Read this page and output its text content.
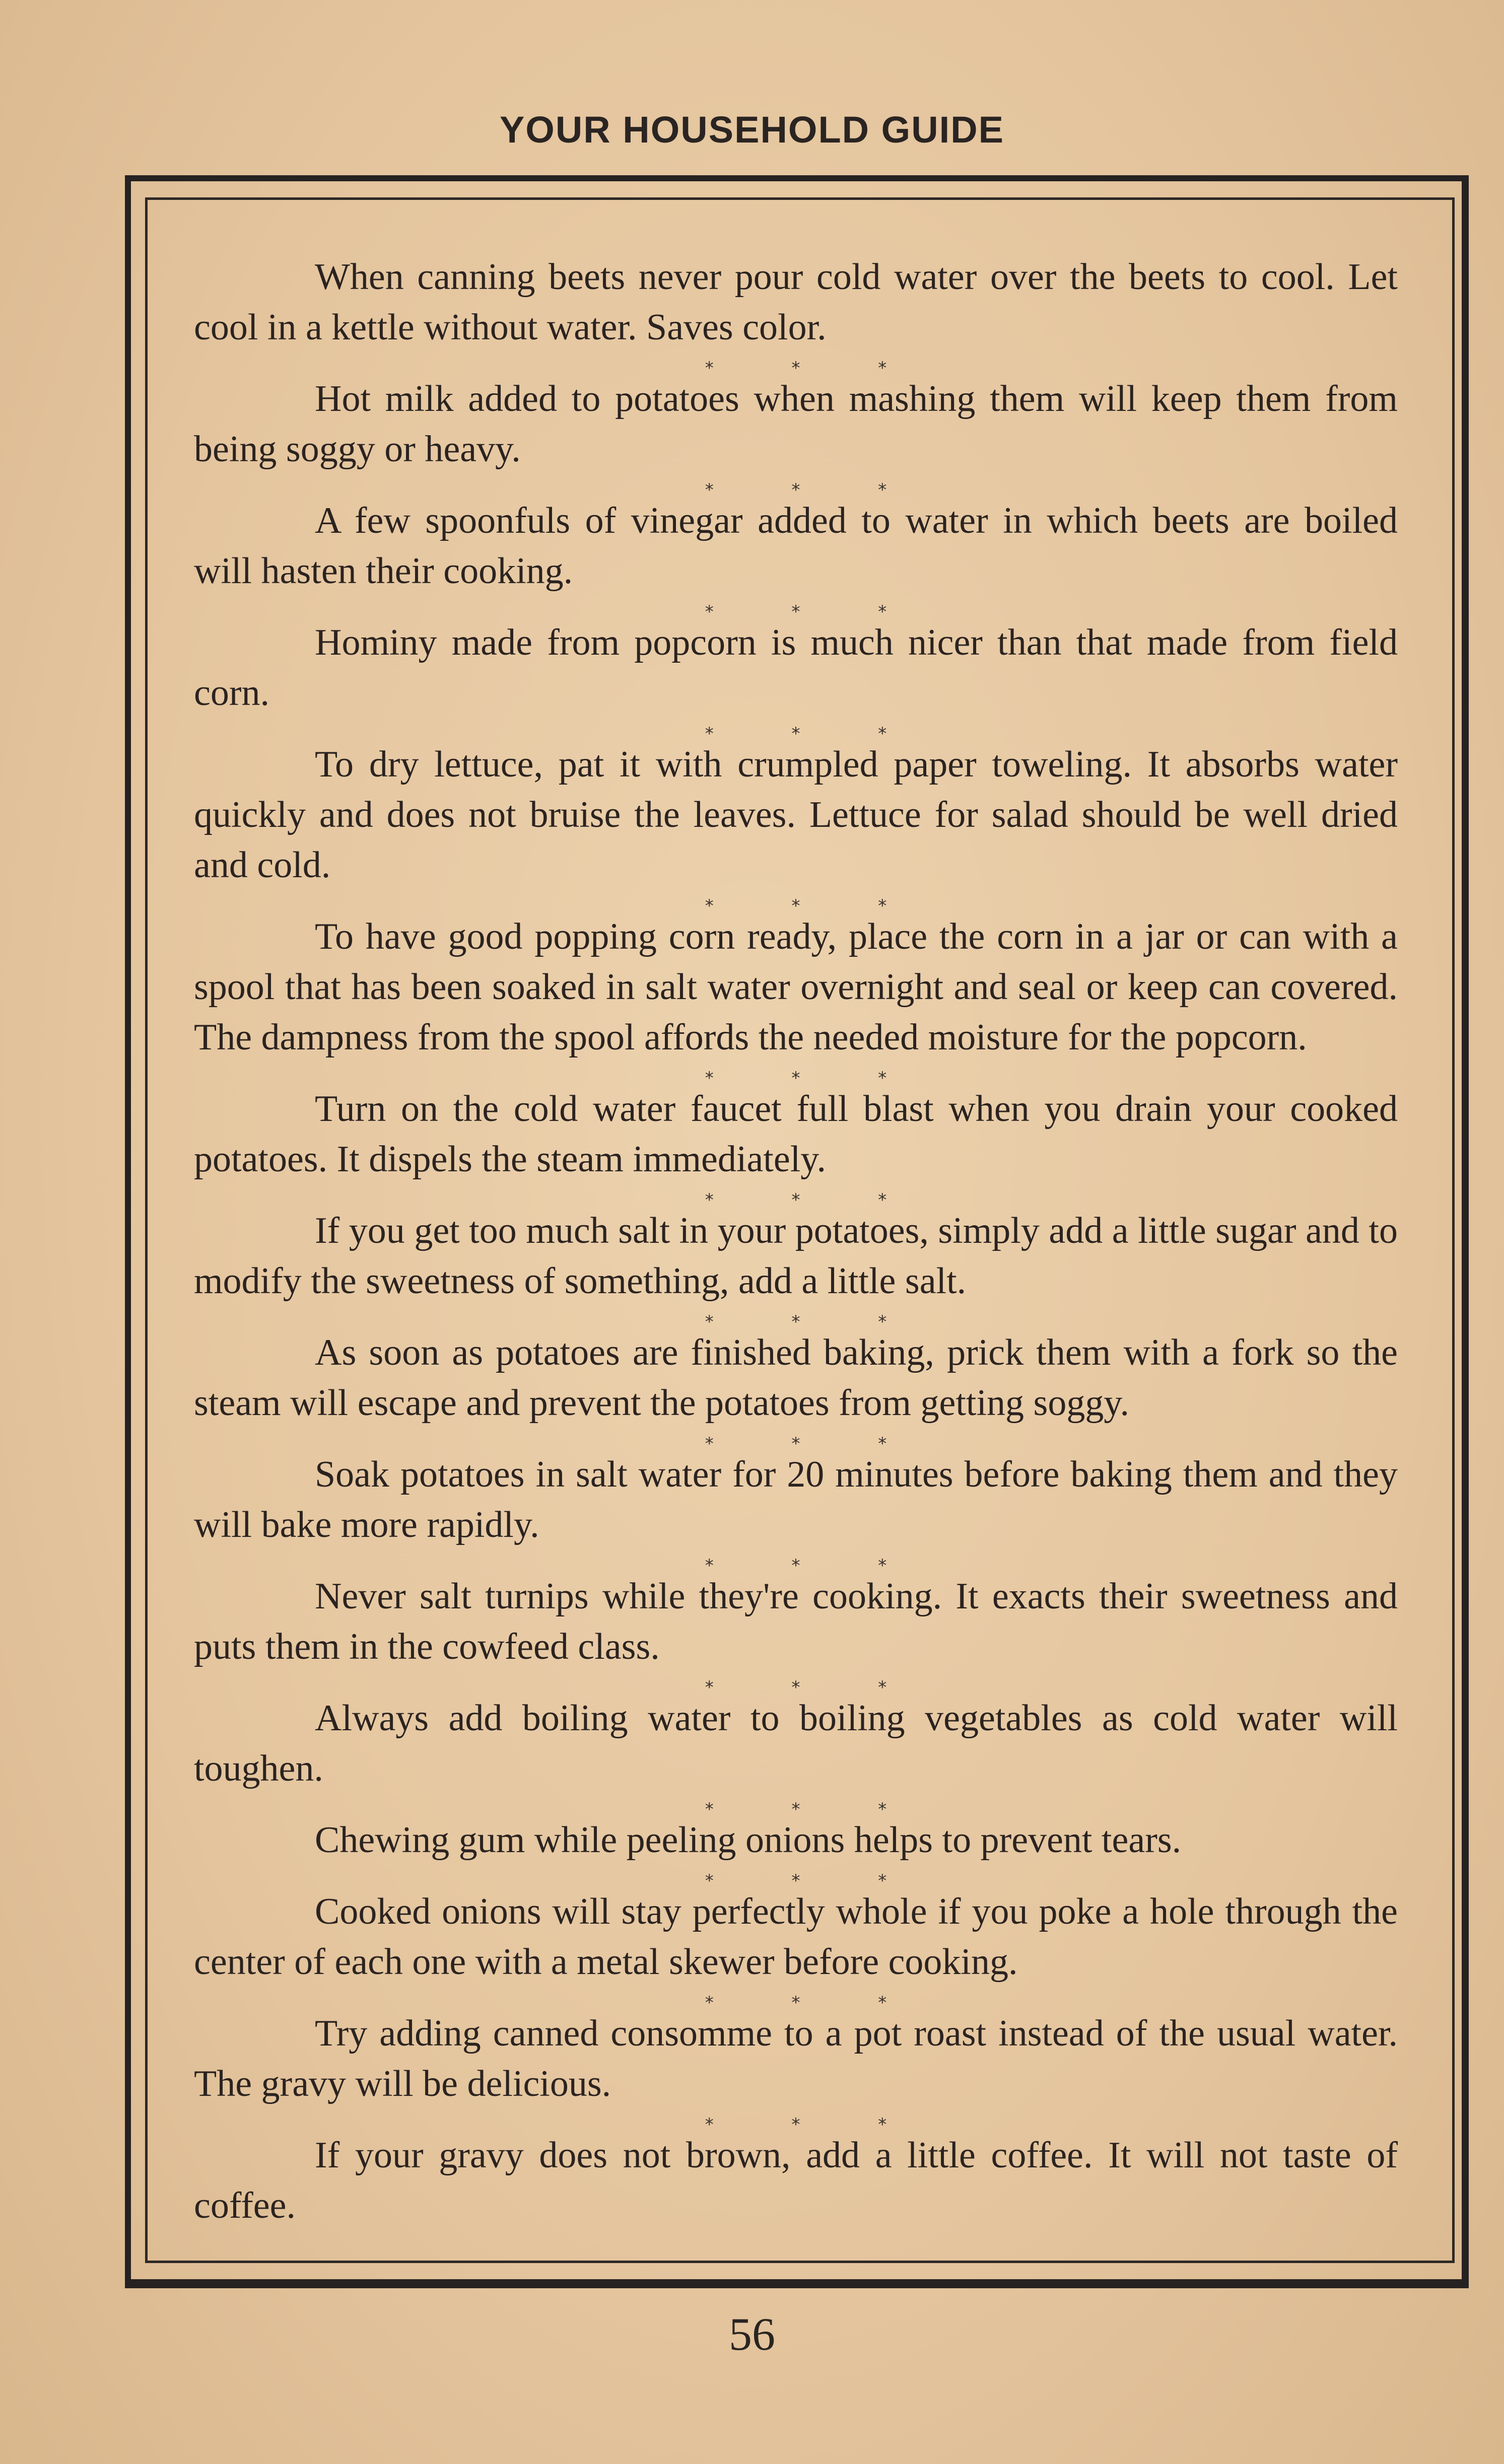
YOUR HOUSEHOLD GUIDE

When canning beets never pour cold water over the beets to cool. Let cool in a kettle without water. Saves color.

* * *

Hot milk added to potatoes when mashing them will keep them from being soggy or heavy.

* * *

A few spoonfuls of vinegar added to water in which beets are boiled will hasten their cooking.

* * *

Hominy made from popcorn is much nicer than that made from field corn.

* * *

To dry lettuce, pat it with crumpled paper toweling. It absorbs water quickly and does not bruise the leaves. Lettuce for salad should be well dried and cold.

* * *

To have good popping corn ready, place the corn in a jar or can with a spool that has been soaked in salt water overnight and seal or keep can covered. The dampness from the spool affords the needed moisture for the popcorn.

* * *

Turn on the cold water faucet full blast when you drain your cooked potatoes. It dispels the steam immediately.

* * *

If you get too much salt in your potatoes, simply add a little sugar and to modify the sweetness of something, add a little salt.

* * *

As soon as potatoes are finished baking, prick them with a fork so the steam will escape and prevent the potatoes from getting soggy.

* * *

Soak potatoes in salt water for 20 minutes before baking them and they will bake more rapidly.

* * *

Never salt turnips while they're cooking. It exacts their sweetness and puts them in the cowfeed class.

* * *

Always add boiling water to boiling vegetables as cold water will toughen.

* * *

Chewing gum while peeling onions helps to prevent tears.

* * *

Cooked onions will stay perfectly whole if you poke a hole through the center of each one with a metal skewer before cooking.

* * *

Try adding canned consomme to a pot roast instead of the usual water. The gravy will be delicious.

* * *

If your gravy does not brown, add a little coffee. It will not taste of coffee.

56
